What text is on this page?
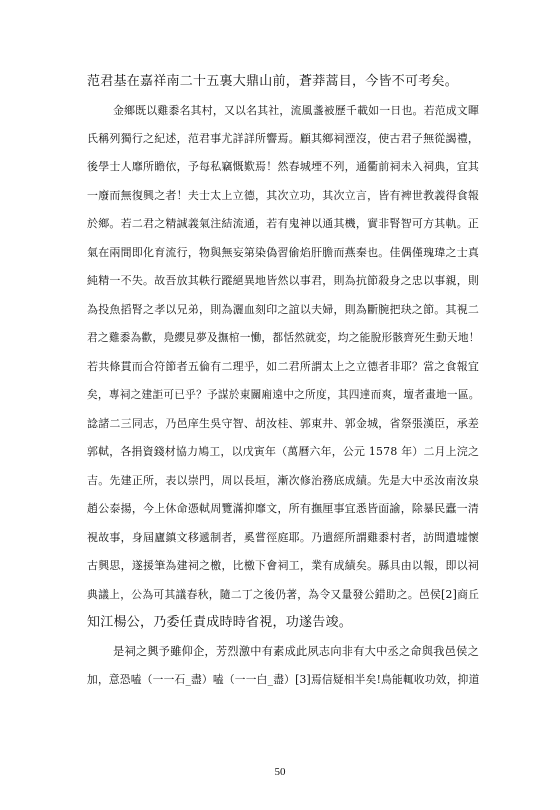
范君基在嘉祥南二十五裏大鼎山前，蒼莽蒿目，今皆不可考矣。

金鄉既以雞黍名其村，又以名其社，流風盞被歷千載如一日也。若范成文暉

氏稱列獨行之紀述，范君事尤詳詳所響焉。顧其鄉祠湮沒，使古君子無從謁禮，

後學士人靡所瞻依，予每私竊慨歎焉！然春城堙不列，通衢前祠未入祠典，宜其

一廢而無復興之者！夫士太上立德，其次立功，其次立言，皆有裨世教義得食報

於鄉。若二君之精誠義氣注結流通，若有鬼神以通其機，實非腎智可方其軌。正

氣在兩間即化育流行，物與無妄第染偽習偷焰肝膽而燕秦也。佳偶僅瑰瑋之士真

純精一不失。故吾放其軼行蹤絕異地皆然以事君，則為抗節殺身之忠以事親，則

為投魚搯腎之孝以兄弟，則為灑血刻印之誼以夫婦，則為斷腕把玦之節。其視二

君之雞黍為歡，鳧纓見夢及撫棺一慟，都恬然就変，均之能脫形骸齊死生動天地！

若共條貫而合符節者五倫有二理乎，如二君所謂太上之立德者非耶？當之食報宜

矣，專祠之建詎可已乎？予謀於東關廂遠中之所度，其四達而爽，壇者畫地一區。

諗諸二三同志，乃邑庠生吳守智、胡汝桂、郭東井、郭金城，省祭張漢臣，承差

郭軾，各捐資錢材協力鳩工，以戊寅年（萬曆六年，公元 1578 年）二月上浣之

吉。先建正所，表以崇門，周以長垣，漸次修治務底成績。先是大中丞汝南汝泉

趙公泰揚，今上休命憑軾周覽滿抑靡文，所有撫厘事宜悉皆面諭，除暴民蠹一清

視故事，身屆廬鎮文移遞制者，奚嘗徑庭耶。乃遣經所謂雞黍村者，訪問遺墟懷

古興思，遂援筆為建祠之檄，比檄下會祠工，業有成績矣。縣具由以報，即以祠

典議上，公為可其議春秋，隨二丁之後仍著，為令又量發公錯助之。邑侯[2]商丘

知江楊公，乃委任責成時時省視，功遂告竣。

是祠之興予雖仰企，芳烈激中有素成此夙志向非有大中丞之命與我邑侯之

加，意恐嗑（一一石_盡）嗑（一一白_盡）[3]焉信疑相半矣!鳥能輒收功效，抑道

50
